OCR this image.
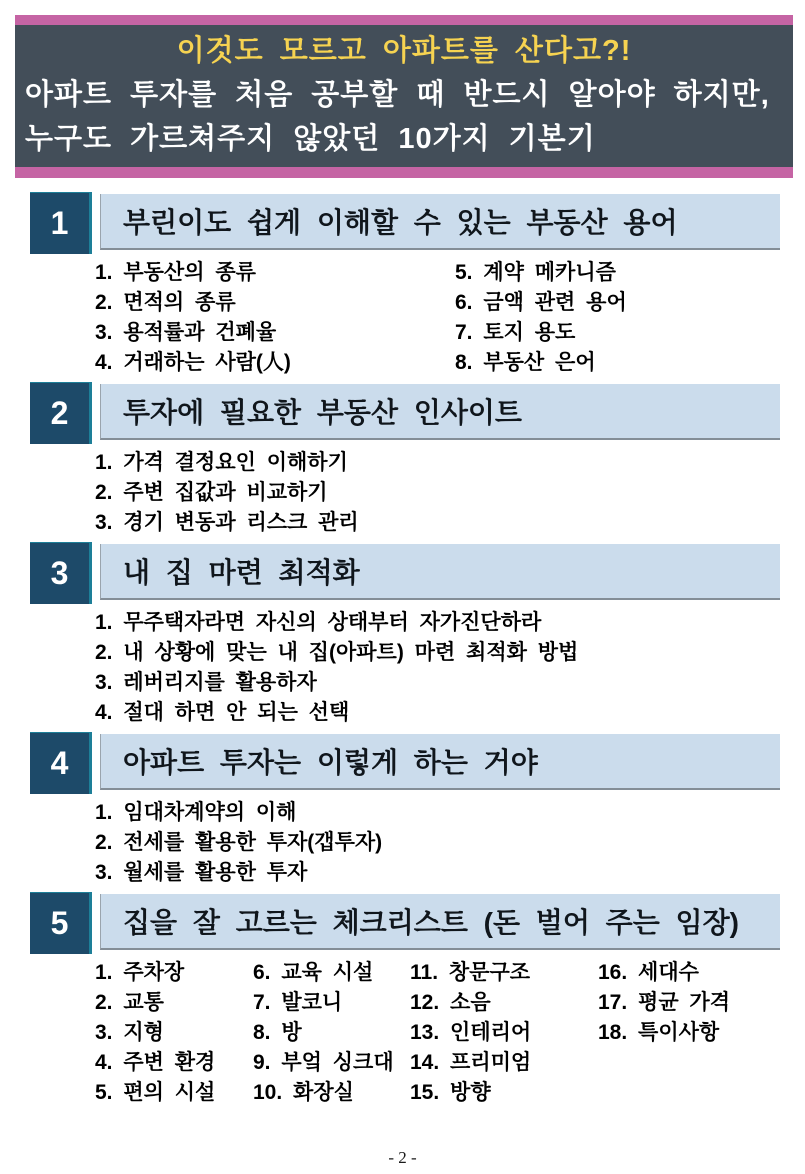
이것도 모르고 아파트를 산다고?!
아파트 투자를 처음 공부할 때 반드시 알아야 하지만,
누구도 가르쳐주지 않았던 10가지 기본기
1	부린이도 쉽게 이해할 수 있는 부동산 용어
1. 부동산의 종류
2. 면적의 종류
3. 용적률과 건폐율
4. 거래하는 사람(人)
5. 계약 메카니즘
6. 금액 관련 용어
7. 토지 용도
8. 부동산 은어
2	투자에 필요한 부동산 인사이트
1. 가격 결정요인 이해하기
2. 주변 집값과 비교하기
3. 경기 변동과 리스크 관리
3	내 집 마련 최적화
1. 무주택자라면 자신의 상태부터 자가진단하라
2. 내 상황에 맞는 내 집(아파트) 마련 최적화 방법
3. 레버리지를 활용하자
4. 절대 하면 안 되는 선택
4	아파트 투자는 이렇게 하는 거야
1. 임대차계약의 이해
2. 전세를 활용한 투자(갭투자)
3. 월세를 활용한 투자
5	집을 잘 고르는 체크리스트 (돈 벌어 주는 임장)
1. 주차장
2. 교통
3. 지형
4. 주변 환경
5. 편의 시설
6. 교육 시설
7. 발코니
8. 방
9. 부엌 싱크대
10. 화장실
11. 창문구조
12. 소음
13. 인테리어
14. 프리미엄
15. 방향
16. 세대수
17. 평균 가격
18. 특이사항
- 2 -
